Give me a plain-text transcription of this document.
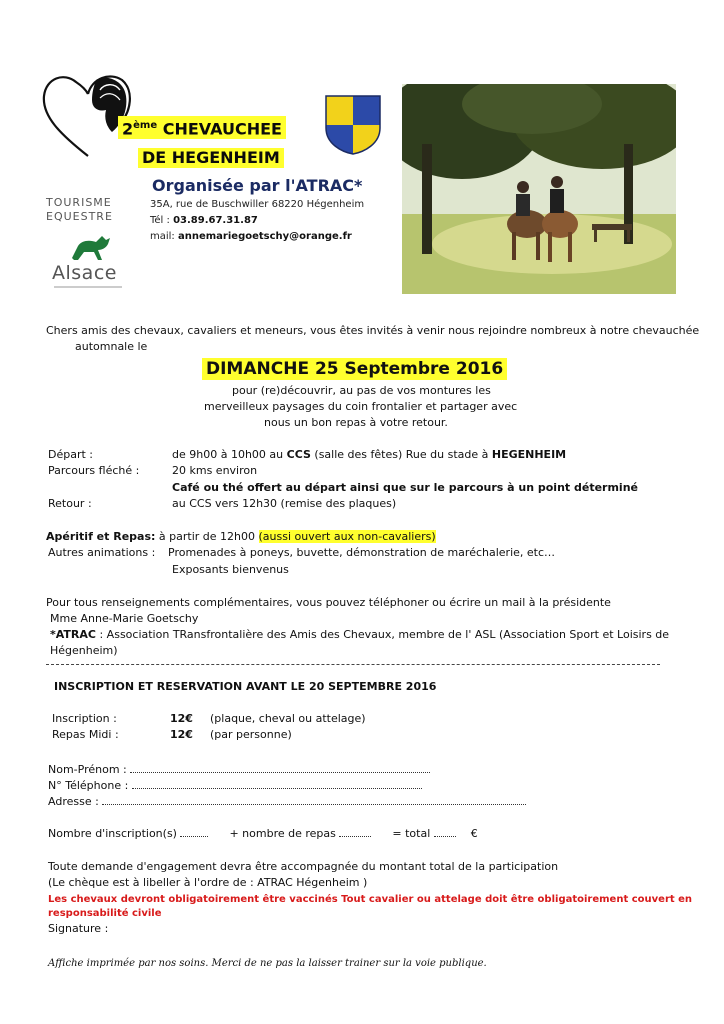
2ème CHEVAUCHEE
DE HEGENHEIM
Organisée par l'ATRAC*
35A, rue de Buschwiller 68220 Hégenheim
Tél : 03.89.67.31.87
mail: annemariegoetschy@orange.fr
TOURISME
EQUESTRE
Alsace
Chers amis des chevaux, cavaliers et meneurs, vous êtes invités à venir nous rejoindre nombreux à notre chevauchée
automnale le
DIMANCHE 25 Septembre 2016
pour (re)découvrir, au pas de vos montures les
merveilleux paysages du coin frontalier et partager avec
nous un bon repas à votre retour.
Départ :	de 9h00 à 10h00 au CCS (salle des fêtes) Rue du stade à HEGENHEIM
Parcours fléché :	20 kms environ
Café ou thé offert au départ ainsi que sur le parcours à un point déterminé
Retour :	au CCS vers 12h30 (remise des plaques)
Apéritif et Repas: à partir de 12h00 (aussi ouvert aux non-cavaliers)
Autres animations : Promenades à poneys, buvette, démonstration de maréchalerie, etc…
Exposants bienvenus
Pour tous renseignements complémentaires, vous pouvez téléphoner ou écrire un mail à la présidente
Mme Anne-Marie Goetschy
*ATRAC : Association TRansfrontalière des Amis des Chevaux, membre de l' ASL (Association Sport et Loisirs de
Hégenheim)
INSCRIPTION ET RESERVATION AVANT LE 20 SEPTEMBRE 2016
Inscription :	12€ (plaque, cheval ou attelage)
Repas Midi :	12€ (par personne)
Nom-Prénom :
N° Téléphone :
Adresse :
Nombre d'inscription(s)	+ nombre de repas	= total	€
Toute demande d'engagement devra être accompagnée du montant total de la participation
(Le chèque est à libeller à l'ordre de : ATRAC Hégenheim )
Les chevaux devront obligatoirement être vaccinés Tout cavalier ou attelage doit être obligatoirement couvert en
responsabilité civile
Signature :
Affiche imprimée par nos soins. Merci de ne pas la laisser trainer sur la voie publique.
